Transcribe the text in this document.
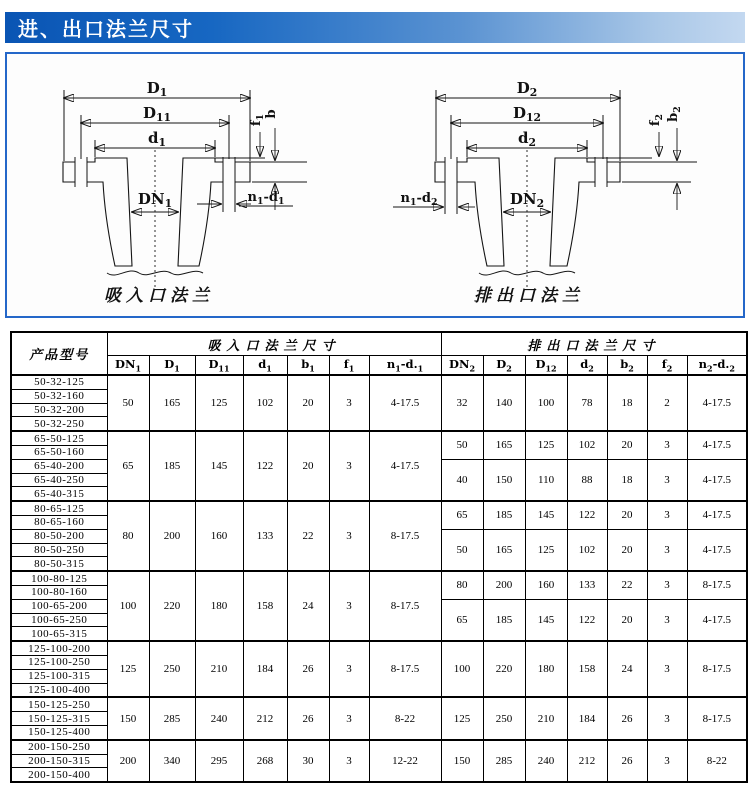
进、出口法兰尺寸
$D_1$
$D_{11}$
$d_1$
$DN_1$
$f_1$
b
$n_1-d_1$
吸入口法兰
$D_2$
$D_{12}$
$d_2$
$DN_2$
$f_2$ $b_2$
$n_1-d_2$
排出口法兰
产品型号	吸入口法兰尺寸							排出口法兰尺寸						
	$DN_1$	$D_1$	$D_{11}$	$d_1$	$b_1$	$f_1$	$n_1-d._1$	$DN_2$	$D_2$	$D_{12}$	$d_2$	$b_2$	$f_2$	$n_2-d._2$
50-32-125	50	165	125	102	20	3	4-17.5	32	140	100	78	18	2	4-17.5
50-32-160														
50-32-200														
50-32-250														
65-50-125	65	185	145	122	20	3	4-17.5	50	165	125	102	20	3	4-17.5
65-50-160														
65-40-200								40	150	110	88	18	3	4-17.5
65-40-250														
65-40-315														
80-65-125	80	200	160	133	22	3	8-17.5	65	185	145	122	20	3	4-17.5
80-65-160														
80-50-200								50	165	125	102	20	3	4-17.5
80-50-250														
80-50-315														
100-80-125	100	220	180	158	24	3	8-17.5	80	200	160	133	22	3	8-17.5
100-80-160														
100-65-200								65	185	145	122	20	3	4-17.5
100-65-250														
100-65-315														
125-100-200	125	250	210	184	26	3	8-17.5	100	220	180	158	24	3	8-17.5
125-100-250														
125-100-315														
125-100-400														
150-125-250	150	285	240	212	26	3	8-22	125	250	210	184	26	3	8-17.5
150-125-315														
150-125-400														
200-150-250	200	340	295	268	30	3	12-22	150	285	240	212	26	3	8-22
200-150-315														
200-150-400														
